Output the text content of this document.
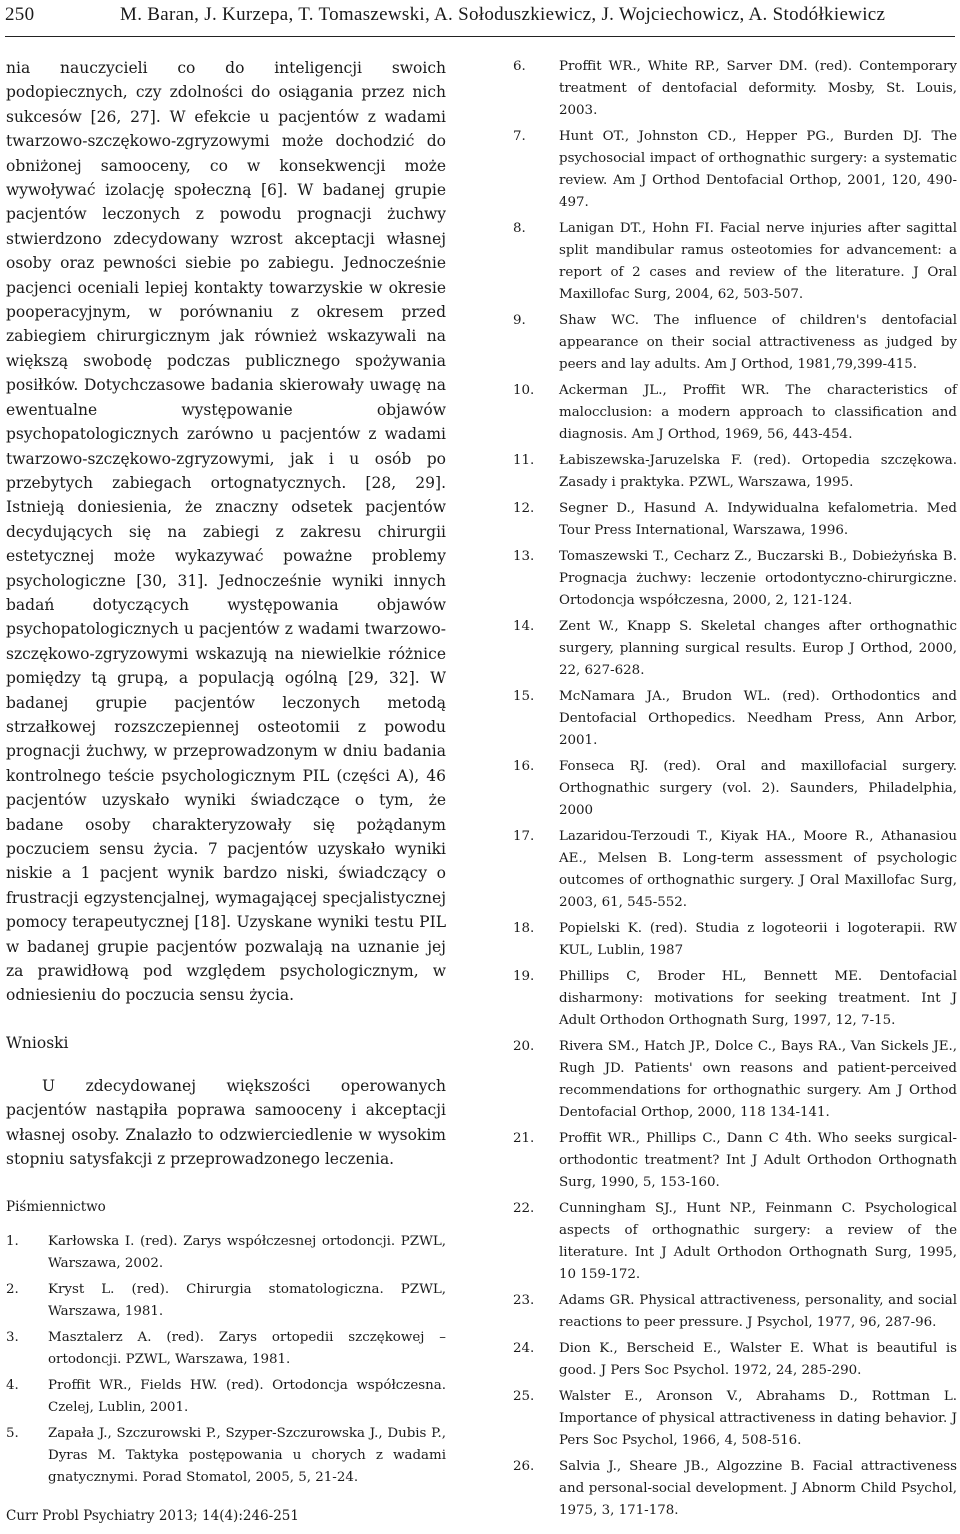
250	M. Baran, J. Kurzepa, T. Tomaszewski, A. Sołoduszkiewicz, J. Wojciechowicz, A. Stodółkiewicz
nia nauczycieli co do inteligencji swoich podopiecznych, czy zdolności do osiągania przez nich sukcesów [26, 27]. W efekcie u pacjentów z wadami twarzowo-szczękowo-zgryzowymi może dochodzić do obniżonej samooceny, co w konsekwencji może wywoływać izolację społeczną [6]. W badanej grupie pacjentów leczonych z powodu prognacji żuchwy stwierdzono zdecydowany wzrost akceptacji własnej osoby oraz pewności siebie po zabiegu. Jednocześnie pacjenci oceniali lepiej kontakty towarzyskie w okresie pooperacyjnym, w porównaniu z okresem przed zabiegiem chirurgicznym jak również wskazywali na większą swobodę podczas publicznego spożywania posiłków. Dotychczasowe badania skierowały uwagę na ewentualne występowanie objawów psychopatologicznych zarówno u pacjentów z wadami twarzowo-szczękowo-zgryzowymi, jak i u osób po przebytych zabiegach ortognatycznych. [28, 29]. Istnieją doniesienia, że znaczny odsetek pacjentów decydujących się na zabiegi z zakresu chirurgii estetycznej może wykazywać poważne problemy psychologiczne [30, 31]. Jednocześnie wyniki innych badań dotyczących występowania objawów psychopatologicznych u pacjentów z wadami twarzowo-szczękowo-zgryzowymi wskazują na niewielkie różnice pomiędzy tą grupą, a populacją ogólną [29, 32]. W badanej grupie pacjentów leczonych metodą strzałkowej rozszczepiennej osteotomii z powodu prognacji żuchwy, w przeprowadzonym w dniu badania kontrolnego teście psychologicznym PIL (części A), 46 pacjentów uzyskało wyniki świadczące o tym, że badane osoby charakteryzowały się pożądanym poczuciem sensu życia. 7 pacjentów uzyskało wyniki niskie a 1 pacjent wynik bardzo niski, świadczący o frustracji egzystencjalnej, wymagającej specjalistycznej pomocy terapeutycznej [18]. Uzyskane wyniki testu PIL w badanej grupie pacjentów pozwalają na uznanie jej za prawidłową pod względem psychologicznym, w odniesieniu do poczucia sensu życia.
Wnioski
U zdecydowanej większości operowanych pacjentów nastąpiła poprawa samooceny i akceptacji własnej osoby. Znalazło to odzwierciedlenie w wysokim stopniu satysfakcji z przeprowadzonego leczenia.
Piśmiennictwo
1. Karłowska I. (red). Zarys współczesnej ortodoncji. PZWL, Warszawa, 2002.
2. Kryst L. (red). Chirurgia stomatologiczna. PZWL, Warszawa, 1981.
3. Masztalerz A. (red). Zarys ortopedii szczękowej – ortodoncji. PZWL, Warszawa, 1981.
4. Proffit WR., Fields HW. (red). Ortodoncja współczesna. Czelej, Lublin, 2001.
5. Zapała J., Szczurowski P., Szyper-Szczurowska J., Dubis P., Dyras M. Taktyka postępowania u chorych z wadami gnatycznymi. Porad Stomatol, 2005, 5, 21-24.
6. Proffit WR., White RP., Sarver DM. (red). Contemporary treatment of dentofacial deformity. Mosby, St. Louis, 2003.
7. Hunt OT., Johnston CD., Hepper PG., Burden DJ. The psychosocial impact of orthognathic surgery: a systematic review. Am J Orthod Dentofacial Orthop, 2001, 120, 490-497.
8. Lanigan DT., Hohn FI. Facial nerve injuries after sagittal split mandibular ramus osteotomies for advancement: a report of 2 cases and review of the literature. J Oral Maxillofac Surg, 2004, 62, 503-507.
9. Shaw WC. The influence of children's dentofacial appearance on their social attractiveness as judged by peers and lay adults. Am J Orthod, 1981,79,399-415.
10. Ackerman JL., Proffit WR. The characteristics of malocclusion: a modern approach to classification and diagnosis. Am J Orthod, 1969, 56, 443-454.
11. Łabiszewska-Jaruzelska F. (red). Ortopedia szczękowa. Zasady i praktyka. PZWL, Warszawa, 1995.
12. Segner D., Hasund A. Indywidualna kefalometria. Med Tour Press International, Warszawa, 1996.
13. Tomaszewski T., Cecharz Z., Buczarski B., Dobieżyńska B. Prognacja żuchwy: leczenie ortodontyczno-chirurgiczne. Ortodoncja współczesna, 2000, 2, 121-124.
14. Zent W., Knapp S. Skeletal changes after orthognathic surgery, planning surgical results. Europ J Orthod, 2000, 22, 627-628.
15. McNamara JA., Brudon WL. (red). Orthodontics and Dentofacial Orthopedics. Needham Press, Ann Arbor, 2001.
16. Fonseca RJ. (red). Oral and maxillofacial surgery. Orthognathic surgery (vol. 2). Saunders, Philadelphia, 2000
17. Lazaridou-Terzoudi T., Kiyak HA., Moore R., Athanasiou AE., Melsen B. Long-term assessment of psychologic outcomes of orthognathic surgery. J Oral Maxillofac Surg, 2003, 61, 545-552.
18. Popielski K. (red). Studia z logoteorii i logoterapii. RW KUL, Lublin, 1987
19. Phillips C, Broder HL, Bennett ME. Dentofacial disharmony: motivations for seeking treatment. Int J Adult Orthodon Orthognath Surg, 1997, 12, 7-15.
20. Rivera SM., Hatch JP., Dolce C., Bays RA., Van Sickels JE., Rugh JD. Patients' own reasons and patient-perceived recommendations for orthognathic surgery. Am J Orthod Dentofacial Orthop, 2000, 118 134-141.
21. Proffit WR., Phillips C., Dann C 4th. Who seeks surgical-orthodontic treatment? Int J Adult Orthodon Orthognath Surg, 1990, 5, 153-160.
22. Cunningham SJ., Hunt NP., Feinmann C. Psychological aspects of orthognathic surgery: a review of the literature. Int J Adult Orthodon Orthognath Surg, 1995, 10 159-172.
23. Adams GR. Physical attractiveness, personality, and social reactions to peer pressure. J Psychol, 1977, 96, 287-96.
24. Dion K., Berscheid E., Walster E. What is beautiful is good. J Pers Soc Psychol. 1972, 24, 285-290.
25. Walster E., Aronson V., Abrahams D., Rottman L. Importance of physical attractiveness in dating behavior. J Pers Soc Psychol, 1966, 4, 508-516.
26. Salvia J., Sheare JB., Algozzine B. Facial attractiveness and personal-social development. J Abnorm Child Psychol, 1975, 3, 171-178.
Curr Probl Psychiatry 2013; 14(4):246-251
